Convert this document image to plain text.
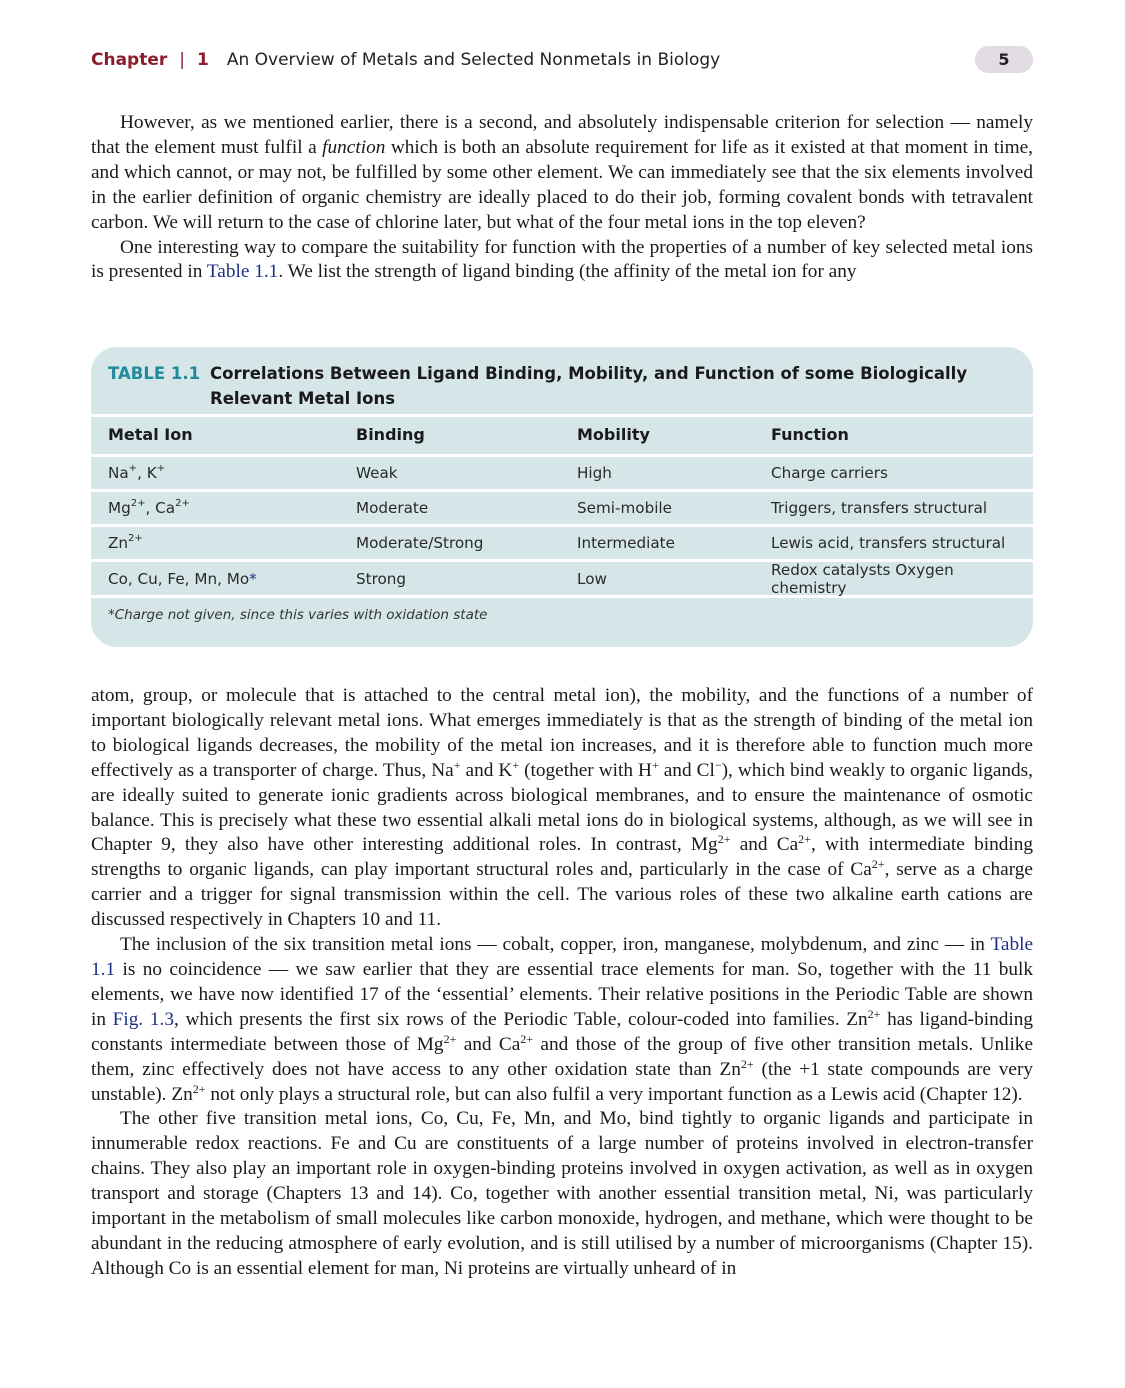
Chapter | 1 An Overview of Metals and Selected Nonmetals in Biology	5

However, as we mentioned earlier, there is a second, and absolutely indispensable criterion for selection — namely that the element must fulfil a function which is both an absolute requirement for life as it existed at that moment in time, and which cannot, or may not, be fulfilled by some other element. We can immediately see that the six elements involved in the earlier definition of organic chemistry are ideally placed to do their job, forming covalent bonds with tetravalent carbon. We will return to the case of chlorine later, but what of the four metal ions in the top eleven?

One interesting way to compare the suitability for function with the properties of a number of key selected metal ions is presented in Table 1.1. We list the strength of ligand binding (the affinity of the metal ion for any

TABLE 1.1 Correlations Between Ligand Binding, Mobility, and Function of some Biologically Relevant Metal Ions
Metal Ion	Binding	Mobility	Function
Na+, K+	Weak	High	Charge carriers
$Mg^{2+}$, $Ca^{2+}$	Moderate	Semi-mobile	Triggers, transfers structural
$Zn^{2+}$	Moderate/Strong	Intermediate	Lewis acid, transfers structural
Co, Cu, Fe, Mn, Mo*	Strong	Low	Redox catalysts Oxygen chemistry
*Charge not given, since this varies with oxidation state

atom, group, or molecule that is attached to the central metal ion), the mobility, and the functions of a number of important biologically relevant metal ions. What emerges immediately is that as the strength of binding of the metal ion to biological ligands decreases, the mobility of the metal ion increases, and it is therefore able to function much more effectively as a transporter of charge. Thus, Na+ and K+ (together with H+ and Cl−), which bind weakly to organic ligands, are ideally suited to generate ionic gradients across biological membranes, and to ensure the maintenance of osmotic balance. This is precisely what these two essential alkali metal ions do in biological systems, although, as we will see in Chapter 9, they also have other interesting additional roles. In contrast, $Mg^{2+}$ and $Ca^{2+}$, with intermediate binding strengths to organic ligands, can play important structural roles and, particularly in the case of $Ca^{2+}$, serve as a charge carrier and a trigger for signal transmission within the cell. The various roles of these two alkaline earth cations are discussed respectively in Chapters 10 and 11.

The inclusion of the six transition metal ions — cobalt, copper, iron, manganese, molybdenum, and zinc — in Table 1.1 is no coincidence — we saw earlier that they are essential trace elements for man. So, together with the 11 bulk elements, we have now identified 17 of the ‘essential’ elements. Their relative positions in the Periodic Table are shown in Fig. 1.3, which presents the first six rows of the Periodic Table, colour-coded into families. $Zn^{2+}$ has ligand-binding constants intermediate between those of $Mg^{2+}$ and $Ca^{2+}$ and those of the group of five other transition metals. Unlike them, zinc effectively does not have access to any other oxidation state than $Zn^{2+}$ (the +1 state compounds are very unstable). $Zn^{2+}$ not only plays a structural role, but can also fulfil a very important function as a Lewis acid (Chapter 12).

The other five transition metal ions, Co, Cu, Fe, Mn, and Mo, bind tightly to organic ligands and participate in innumerable redox reactions. Fe and Cu are constituents of a large number of proteins involved in electron-transfer chains. They also play an important role in oxygen-binding proteins involved in oxygen activation, as well as in oxygen transport and storage (Chapters 13 and 14). Co, together with another essential transition metal, Ni, was particularly important in the metabolism of small molecules like carbon monoxide, hydrogen, and methane, which were thought to be abundant in the reducing atmosphere of early evolution, and is still utilised by a number of microorganisms (Chapter 15). Although Co is an essential element for man, Ni proteins are virtually unheard of in
